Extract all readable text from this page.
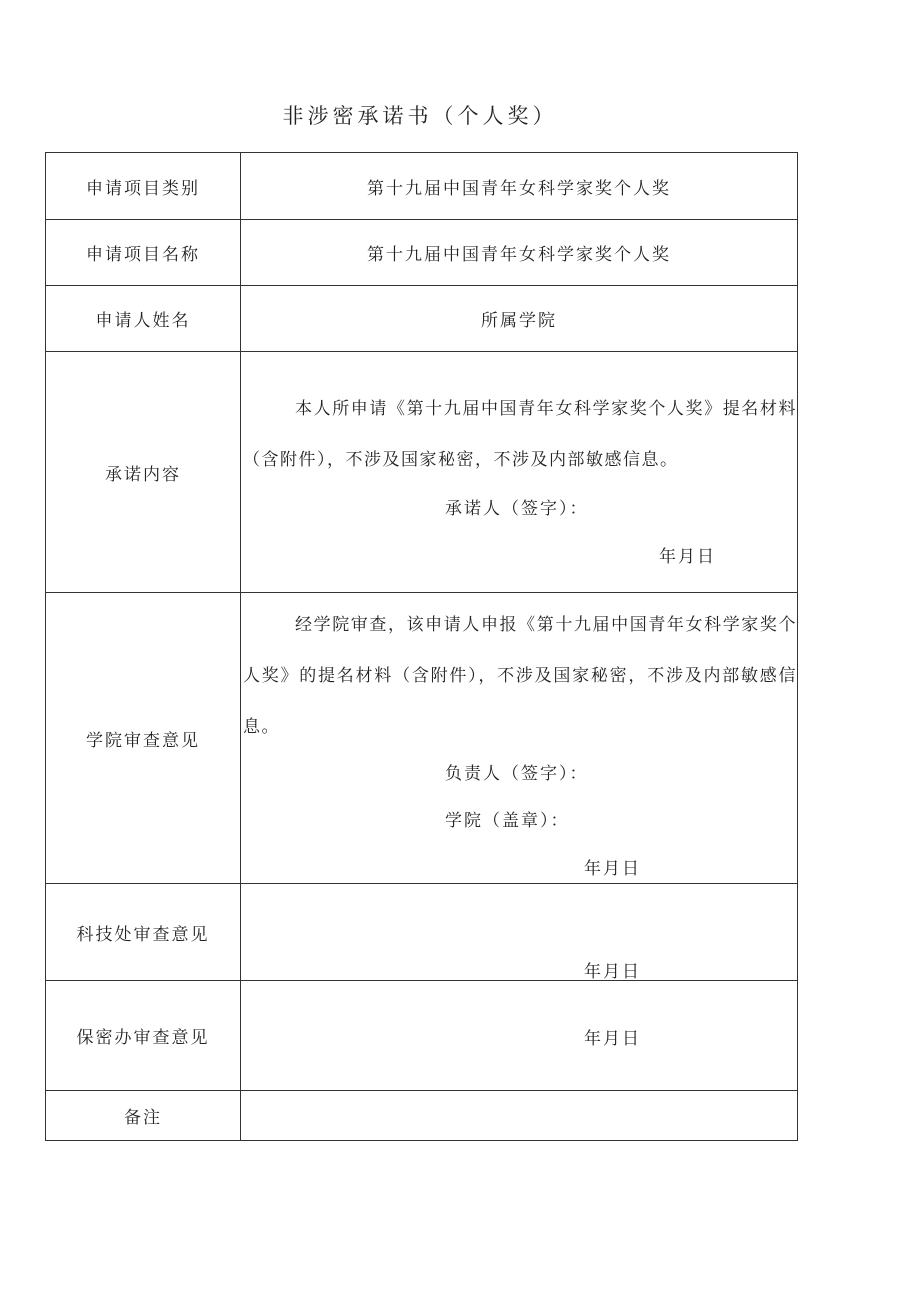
非涉密承诺书（个人奖）
申请项目类别	第十九届中国青年女科学家奖个人奖
申请项目名称	第十九届中国青年女科学家奖个人奖
申请人姓名	所属学院
承诺内容	本人所申请《第十九届中国青年女科学家奖个人奖》提名材料（含附件），不涉及国家秘密，不涉及内部敏感信息。
承诺人（签字）：
年月日

学院审查意见	经学院审查，该申请人申报《第十九届中国青年女科学家奖个人奖》的提名材料（含附件），不涉及国家秘密，不涉及内部敏感信息。
负责人（签字）：
学院（盖章）：
年月日

科技处审查意见	年月日

保密办审查意见	年月日

备注	
